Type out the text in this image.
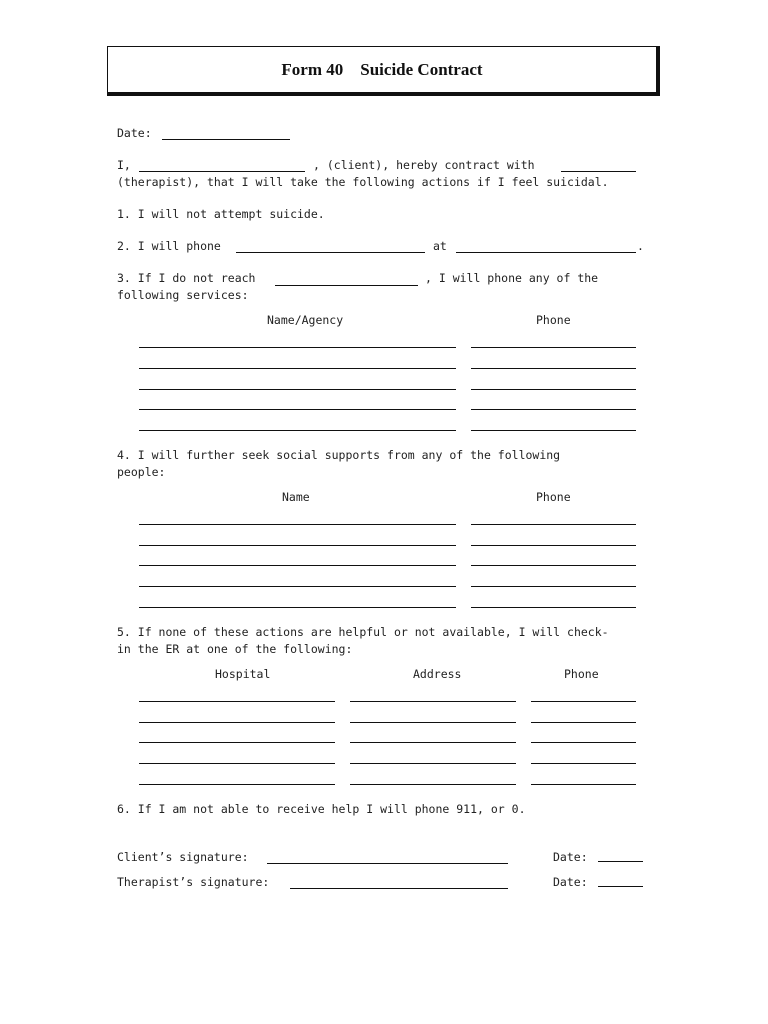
Form 40    Suicide Contract
Date:
I,	, (client), hereby contract with
(therapist), that I will take the following actions if I feel suicidal.
1. I will not attempt suicide.
2. I will phone	at	.
3. If I do not reach	, I will phone any of the
following services:
Name/Agency	Phone
4. I will further seek social supports from any of the following
people:
Name	Phone
5. If none of these actions are helpful or not available, I will check-
in the ER at one of the following:
Hospital	Address	Phone
6. If I am not able to receive help I will phone 911, or 0.
Client’s signature:	Date:
Therapist’s signature:	Date:
